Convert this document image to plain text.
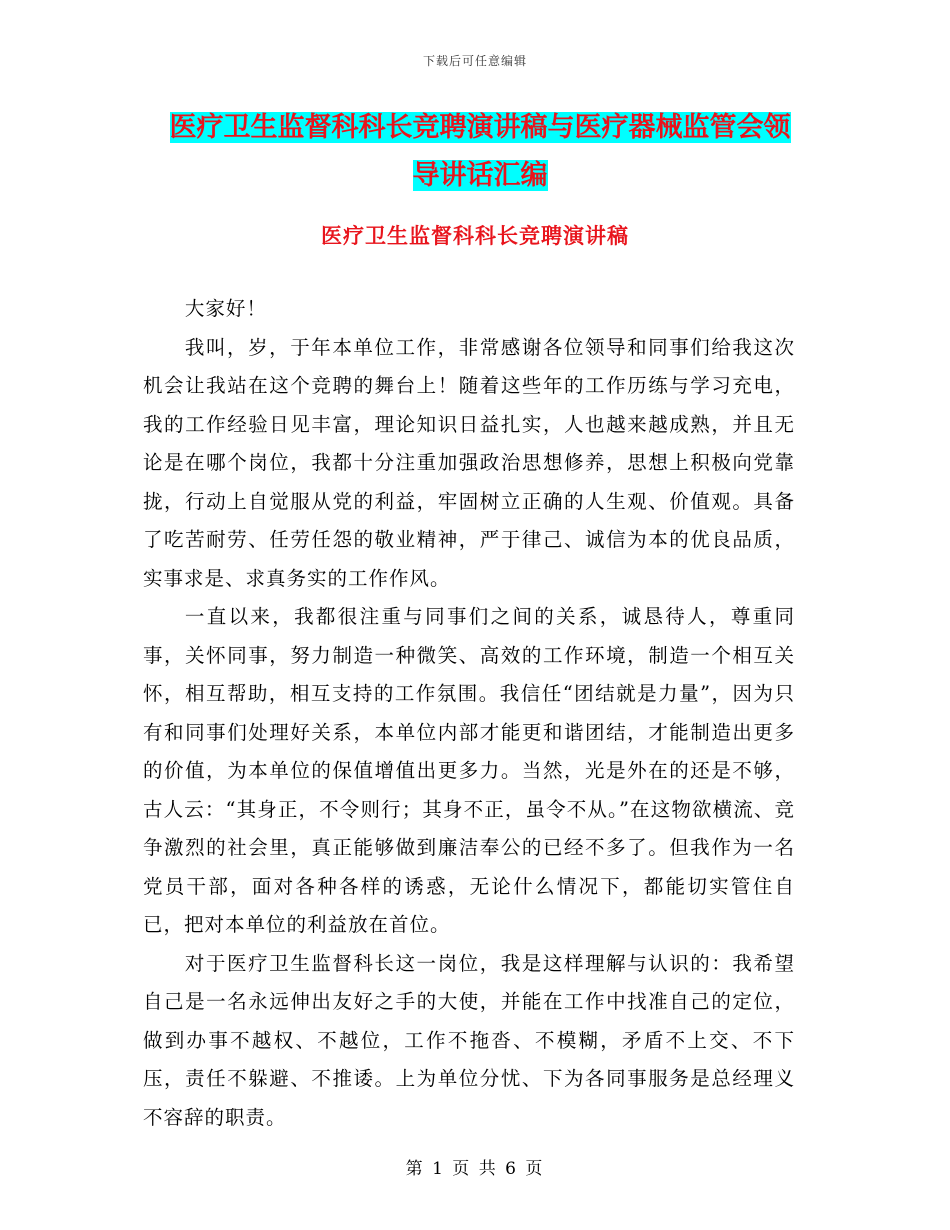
下载后可任意编辑
医疗卫生监督科科长竞聘演讲稿与医疗器械监管会领
导讲话汇编
医疗卫生监督科科长竞聘演讲稿

大家好！

我叫，岁，于年本单位工作，非常感谢各位领导和同事们给我这次机会让我站在这个竞聘的舞台上！随着这些年的工作历练与学习充电，我的工作经验日见丰富，理论知识日益扎实，人也越来越成熟，并且无论是在哪个岗位，我都十分注重加强政治思想修养，思想上积极向党靠拢，行动上自觉服从党的利益，牢固树立正确的人生观、价值观。具备了吃苦耐劳、任劳任怨的敬业精神，严于律己、诚信为本的优良品质，实事求是、求真务实的工作作风。

一直以来，我都很注重与同事们之间的关系，诚恳待人，尊重同事，关怀同事，努力制造一种微笑、高效的工作环境，制造一个相互关怀，相互帮助，相互支持的工作氛围。我信任“团结就是力量”，因为只有和同事们处理好关系，本单位内部才能更和谐团结，才能制造出更多的价值，为本单位的保值增值出更多力。当然，光是外在的还是不够，古人云：“其身正，不令则行；其身不正，虽令不从。”在这物欲横流、竞争激烈的社会里，真正能够做到廉洁奉公的已经不多了。但我作为一名党员干部，面对各种各样的诱惑，无论什么情况下，都能切实管住自已，把对本单位的利益放在首位。

对于医疗卫生监督科长这一岗位，我是这样理解与认识的：我希望自己是一名永远伸出友好之手的大使，并能在工作中找准自己的定位，做到办事不越权、不越位，工作不拖沓、不模糊，矛盾不上交、不下压，责任不躲避、不推诿。上为单位分忧、下为各同事服务是总经理义不容辞的职责。

第 1 页 共 6 页
